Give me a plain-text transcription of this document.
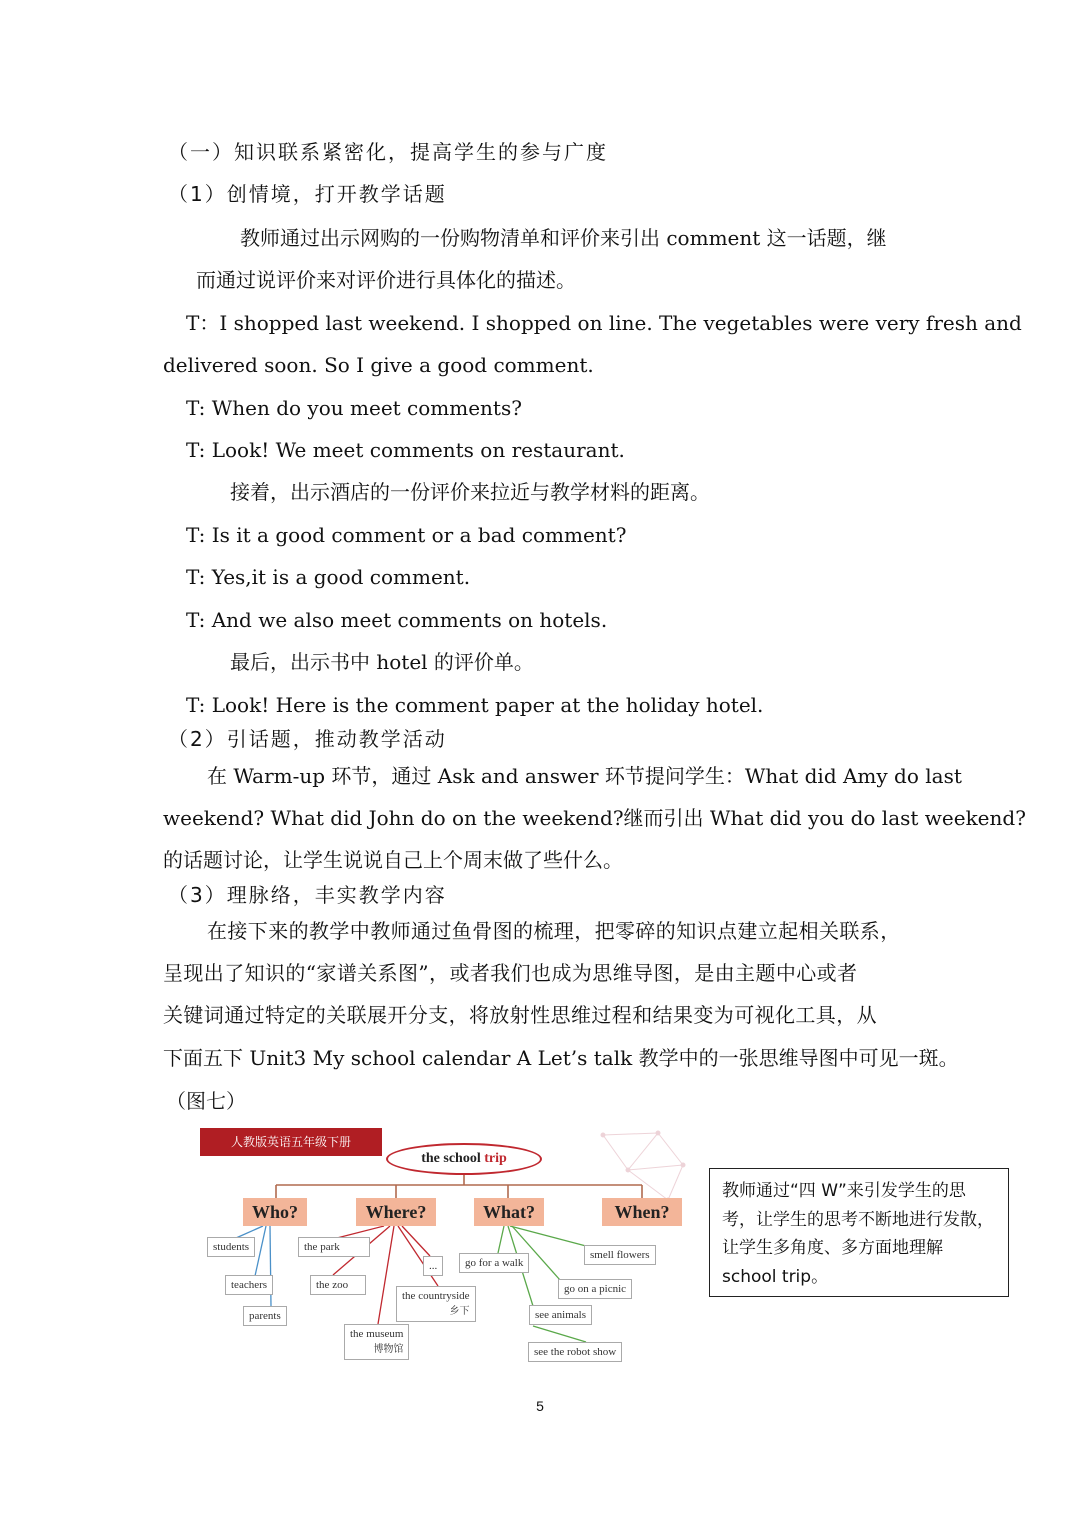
（一）知识联系紧密化，提高学生的参与广度
（1）创情境，打开教学话题
教师通过出示网购的一份购物清单和评价来引出 comment 这一话题，继
而通过说评价来对评价进行具体化的描述。
T：I shopped last weekend. I shopped on line. The vegetables were very fresh and
delivered soon. So I give a good comment.
T: When do you meet comments?
T: Look! We meet comments on restaurant.
接着，出示酒店的一份评价来拉近与教学材料的距离。
T: Is it a good comment or a bad comment?
T: Yes,it is a good comment.
T: And we also meet comments on hotels.
最后，出示书中 hotel 的评价单。
T: Look! Here is the comment paper at the holiday hotel.
（2）引话题，推动教学活动
在 Warm-up 环节，通过 Ask and answer 环节提问学生：What did Amy do last
weekend? What did John do on the weekend?继而引出 What did you do last weekend?
的话题讨论，让学生说说自己上个周末做了些什么。
（3）理脉络，丰实教学内容
在接下来的教学中教师通过鱼骨图的梳理，把零碎的知识点建立起相关联系，
呈现出了知识的“家谱关系图”，或者我们也成为思维导图，是由主题中心或者
关键词通过特定的关联展开分支，将放射性思维过程和结果变为可视化工具，从
下面五下 Unit3 My school calendar A Let’s talk 教学中的一张思维导图中可见一斑。
（图七）
人教版英语五年级下册
the school trip
Who?	Where?	What?	When?
students
teachers
parents
the park
the zoo
...
the countryside
乡下
the museum
博物馆
go for a walk
smell flowers
go on a picnic
see animals
see the robot show
教师通过“四 W”来引发学生的思考，让学生的思考不断地进行发散，让学生多角度、多方面地理解 school trip。
5
